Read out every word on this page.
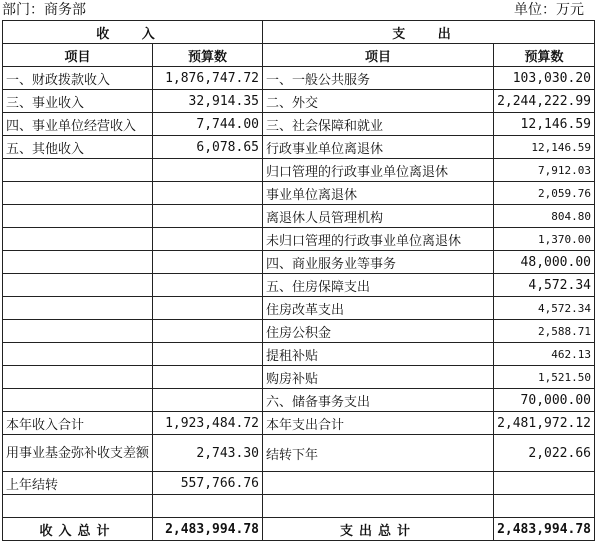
部门：商务部	单位：万元
收 入		支 出	
项目	预算数	项目	预算数
一、财政拨款收入	1,876,747.72	一、一般公共服务	103,030.20
三、事业收入	32,914.35	二、外交	2,244,222.99
四、事业单位经营收入	7,744.00	三、社会保障和就业	12,146.59
五、其他收入	6,078.65	行政事业单位离退休	12,146.59
		归口管理的行政事业单位离退休	7,912.03
		事业单位离退休	2,059.76
		离退休人员管理机构	804.80
		未归口管理的行政事业单位离退休	1,370.00
		四、商业服务业等事务	48,000.00
		五、住房保障支出	4,572.34
		住房改革支出	4,572.34
		住房公积金	2,588.71
		提租补贴	462.13
		购房补贴	1,521.50
		六、储备事务支出	70,000.00
本年收入合计	1,923,484.72	本年支出合计	2,481,972.12
用事业基金弥补收支差额	2,743.30	结转下年	2,022.66
上年结转	557,766.76		

收入总计	2,483,994.78	支出总计	2,483,994.78
